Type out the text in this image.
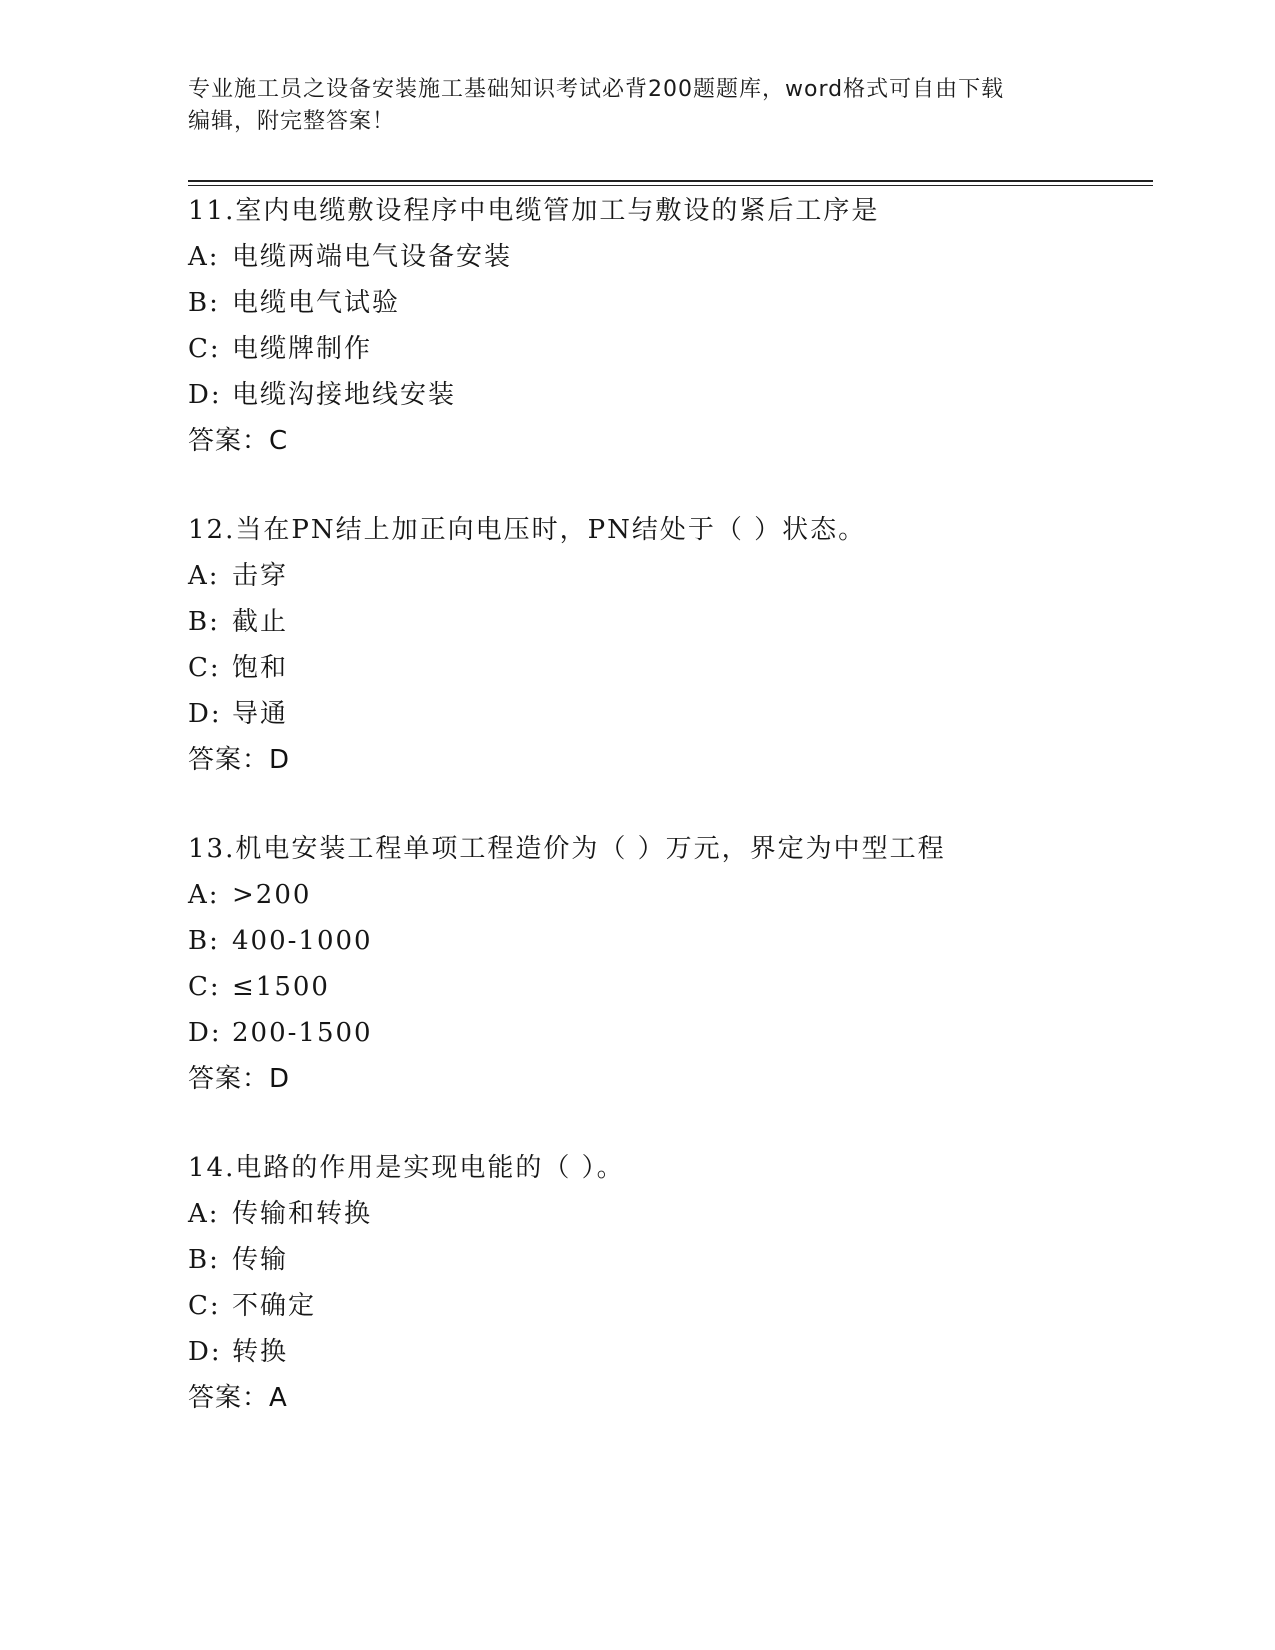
专业施工员之设备安装施工基础知识考试必背200题题库，word格式可自由下载
编辑，附完整答案！
11.室内电缆敷设程序中电缆管加工与敷设的紧后工序是
A: 电缆两端电气设备安装
B: 电缆电气试验
C: 电缆牌制作
D: 电缆沟接地线安装
答案：C
12.当在PN结上加正向电压时，PN结处于（ ）状态。
A: 击穿
B: 截止
C: 饱和
D: 导通
答案：D
13.机电安装工程单项工程造价为（ ）万元，界定为中型工程
A: >200
B: 400-1000
C: ≤1500
D: 200-1500
答案：D
14.电路的作用是实现电能的（ ）。
A: 传输和转换
B: 传输
C: 不确定
D: 转换
答案：A
